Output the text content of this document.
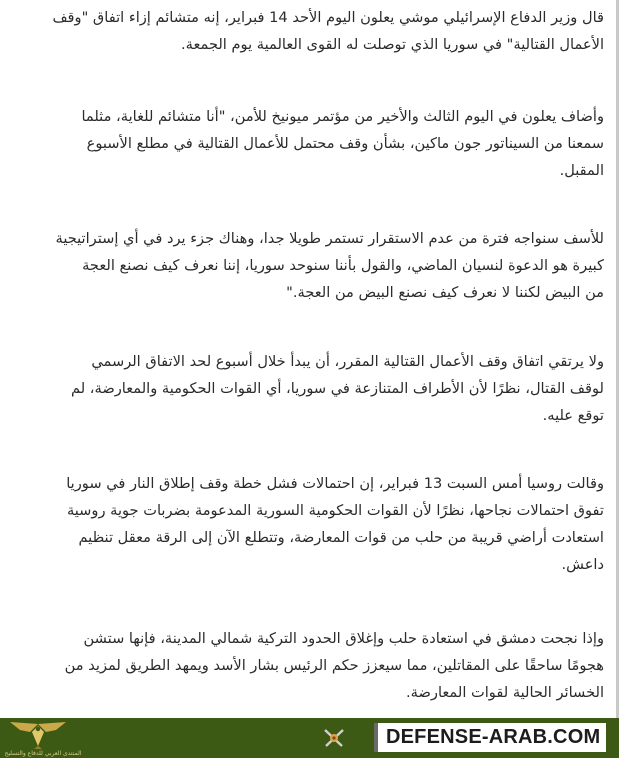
قال وزير الدفاع الإسرائيلي موشي يعلون اليوم الأحد 14 فبراير، إنه متشائم إزاء اتفاق "وقف
الأعمال القتالية" في سوريا الذي توصلت له القوى العالمية يوم الجمعة.

وأضاف يعلون في اليوم الثالث والأخير من مؤتمر ميونيخ للأمن، "أنا متشائم للغاية، مثلما
سمعنا من السيناتور جون ماكين، بشأن وقف محتمل للأعمال القتالية في مطلع الأسبوع
المقبل.

للأسف سنواجه فترة من عدم الاستقرار تستمر طويلا جدا، وهناك جزء يرد في أي إستراتيجية
كبيرة هو الدعوة لنسيان الماضي، والقول بأننا سنوحد سوريا، إننا نعرف كيف نصنع العجة
من البيض لكننا لا نعرف كيف نصنع البيض من العجة."

ولا يرتقي اتفاق وقف الأعمال القتالية المقرر، أن يبدأ خلال أسبوع لحد الاتفاق الرسمي
لوقف القتال، نظرًا لأن الأطراف المتنازعة في سوريا، أي القوات الحكومية والمعارضة، لم
توقع عليه.

وقالت روسيا أمس السبت 13 فبراير، إن احتمالات فشل خطة وقف إطلاق النار في سوريا
تفوق احتمالات نجاحها، نظرًا لأن القوات الحكومية السورية المدعومة بضربات جوية روسية
استعادت أراضي قريبة من حلب من قوات المعارضة، وتتطلع الآن إلى الرقة معقل تنظيم
داعش.

وإذا نجحت دمشق في استعادة حلب وإغلاق الحدود التركية شمالي المدينة، فإنها ستشن
هجومًا ساحقًا على المقاتلين، مما سيعزز حكم الرئيس بشار الأسد ويمهد الطريق لمزيد من
الخسائر الحالية لقوات المعارضة.

المنتدى العربي للدفاع والتسليح
DEFENSE-ARAB.COM
